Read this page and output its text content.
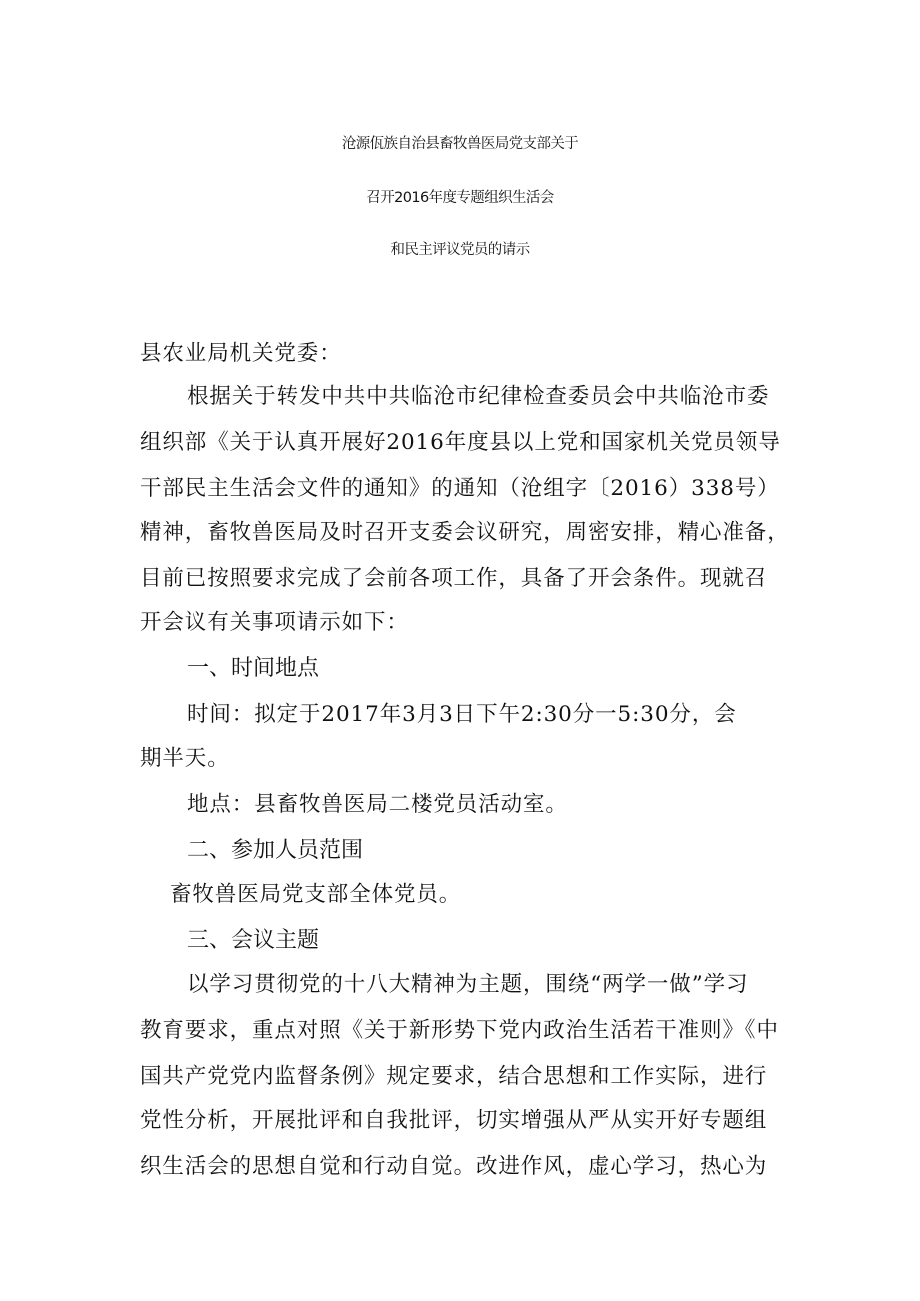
沧源佤族自治县畜牧兽医局党支部关于
召开2016年度专题组织生活会
和民主评议党员的请示
县农业局机关党委：
根据关于转发中共中共临沧市纪律检查委员会中共临沧市委
组织部《关于认真开展好2016年度县以上党和国家机关党员领导
干部民主生活会文件的通知》的通知（沧组字〔2016）338号）
精神，畜牧兽医局及时召开支委会议研究，周密安排，精心准备，
目前已按照要求完成了会前各项工作，具备了开会条件。现就召
开会议有关事项请示如下：
一、时间地点
时间：拟定于2017年3月3日下午2:30分一5:30分，会
期半天。
地点：县畜牧兽医局二楼党员活动室。
二、参加人员范围
畜牧兽医局党支部全体党员。
三、会议主题
以学习贯彻党的十八大精神为主题，围绕“两学一做”学习
教育要求，重点对照《关于新形势下党内政治生活若干准则》《中
国共产党党内监督条例》规定要求，结合思想和工作实际，进行
党性分析，开展批评和自我批评，切实增强从严从实开好专题组
织生活会的思想自觉和行动自觉。改进作风，虚心学习，热心为
